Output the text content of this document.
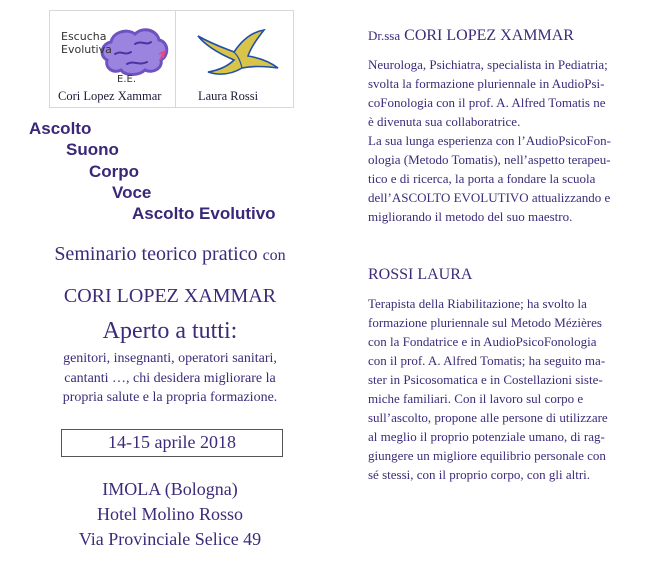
Escucha
Evolutiva
E.E.
Cori Lopez Xammar	Laura Rossi
Ascolto
Suono
Corpo
Voce
Ascolto Evolutivo
Seminario teorico pratico con
CORI LOPEZ XAMMAR
Aperto a tutti:
genitori, insegnanti, operatori sanitari,
cantanti …, chi desidera migliorare la
propria salute e la propria formazione.
14-15 aprile 2018
IMOLA (Bologna)
Hotel Molino Rosso
Via Provinciale Selice 49
Dr.ssa CORI LOPEZ XAMMAR
Neurologa, Psichiatra, specialista in Pediatria;
svolta la formazione pluriennale in AudioPsi-
coFonologia con il prof. A. Alfred Tomatis ne
è divenuta sua collaboratrice.
La sua lunga esperienza con l’AudioPsicoFon-
ologia (Metodo Tomatis), nell’aspetto terapeu-
tico e di ricerca, la porta a fondare la scuola
dell’ASCOLTO EVOLUTIVO attualizzando e
migliorando il metodo del suo maestro.
ROSSI LAURA
Terapista della Riabilitazione; ha svolto la
formazione pluriennale sul Metodo Mézières
con la Fondatrice e in AudioPsicoFonologia
con il prof. A. Alfred Tomatis; ha seguito ma-
ster in Psicosomatica e in Costellazioni siste-
miche familiari. Con il lavoro sul corpo e
sull’ascolto, propone alle persone di utilizzare
al meglio il proprio potenziale umano, di rag-
giungere un migliore equilibrio personale con
sé stessi, con il proprio corpo, con gli altri.
